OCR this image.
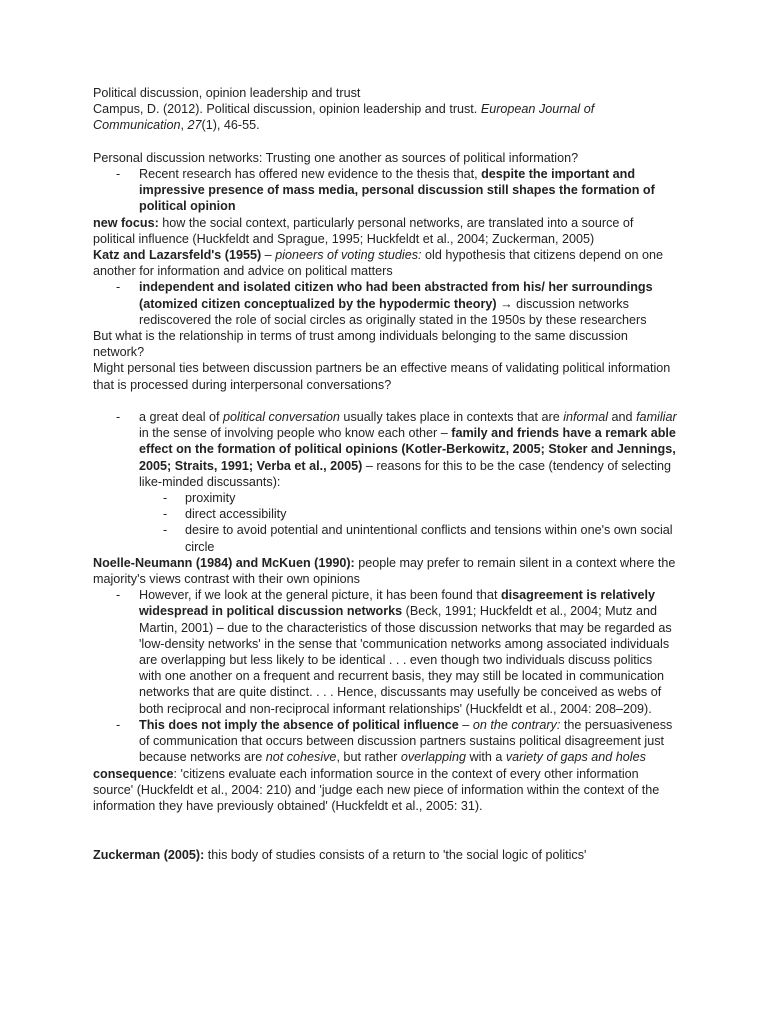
Political discussion, opinion leadership and trust
Campus, D. (2012). Political discussion, opinion leadership and trust. European Journal of Communication, 27(1), 46-55.
Personal discussion networks: Trusting one another as sources of political information?
- Recent research has offered new evidence to the thesis that, despite the important and impressive presence of mass media, personal discussion still shapes the formation of political opinion
new focus: how the social context, particularly personal networks, are translated into a source of political influence (Huckfeldt and Sprague, 1995; Huckfeldt et al., 2004; Zuckerman, 2005)
Katz and Lazarsfeld's (1955) – pioneers of voting studies: old hypothesis that citizens depend on one another for information and advice on political matters
- independent and isolated citizen who had been abstracted from his/ her surroundings (atomized citizen conceptualized by the hypodermic theory) → discussion networks rediscovered the role of social circles as originally stated in the 1950s by these researchers
But what is the relationship in terms of trust among individuals belonging to the same discussion network?
Might personal ties between discussion partners be an effective means of validating political information that is processed during interpersonal conversations?
- a great deal of political conversation usually takes place in contexts that are informal and familiar in the sense of involving people who know each other – family and friends have a remark able effect on the formation of political opinions (Kotler-Berkowitz, 2005; Stoker and Jennings, 2005; Straits, 1991; Verba et al., 2005) – reasons for this to be the case (tendency of selecting like-minded discussants):
- proximity
- direct accessibility
- desire to avoid potential and unintentional conflicts and tensions within one's own social circle
Noelle-Neumann (1984) and McKuen (1990): people may prefer to remain silent in a context where the majority's views contrast with their own opinions
- However, if we look at the general picture, it has been found that disagreement is relatively widespread in political discussion networks (Beck, 1991; Huckfeldt et al., 2004; Mutz and Martin, 2001) – due to the characteristics of those discussion networks that may be regarded as 'low-density networks' in the sense that 'communication networks among associated individuals are overlapping but less likely to be identical . . . even though two individuals discuss politics with one another on a frequent and recurrent basis, they may still be located in communication networks that are quite distinct. . . . Hence, discussants may usefully be conceived as webs of both reciprocal and non-reciprocal informant relationships' (Huckfeldt et al., 2004: 208–209).
- This does not imply the absence of political influence – on the contrary: the persuasiveness of communication that occurs between discussion partners sustains political disagreement just because networks are not cohesive, but rather overlapping with a variety of gaps and holes
consequence: 'citizens evaluate each information source in the context of every other information source' (Huckfeldt et al., 2004: 210) and 'judge each new piece of information within the context of the information they have previously obtained' (Huckfeldt et al., 2005: 31).
Zuckerman (2005): this body of studies consists of a return to 'the social logic of politics'
